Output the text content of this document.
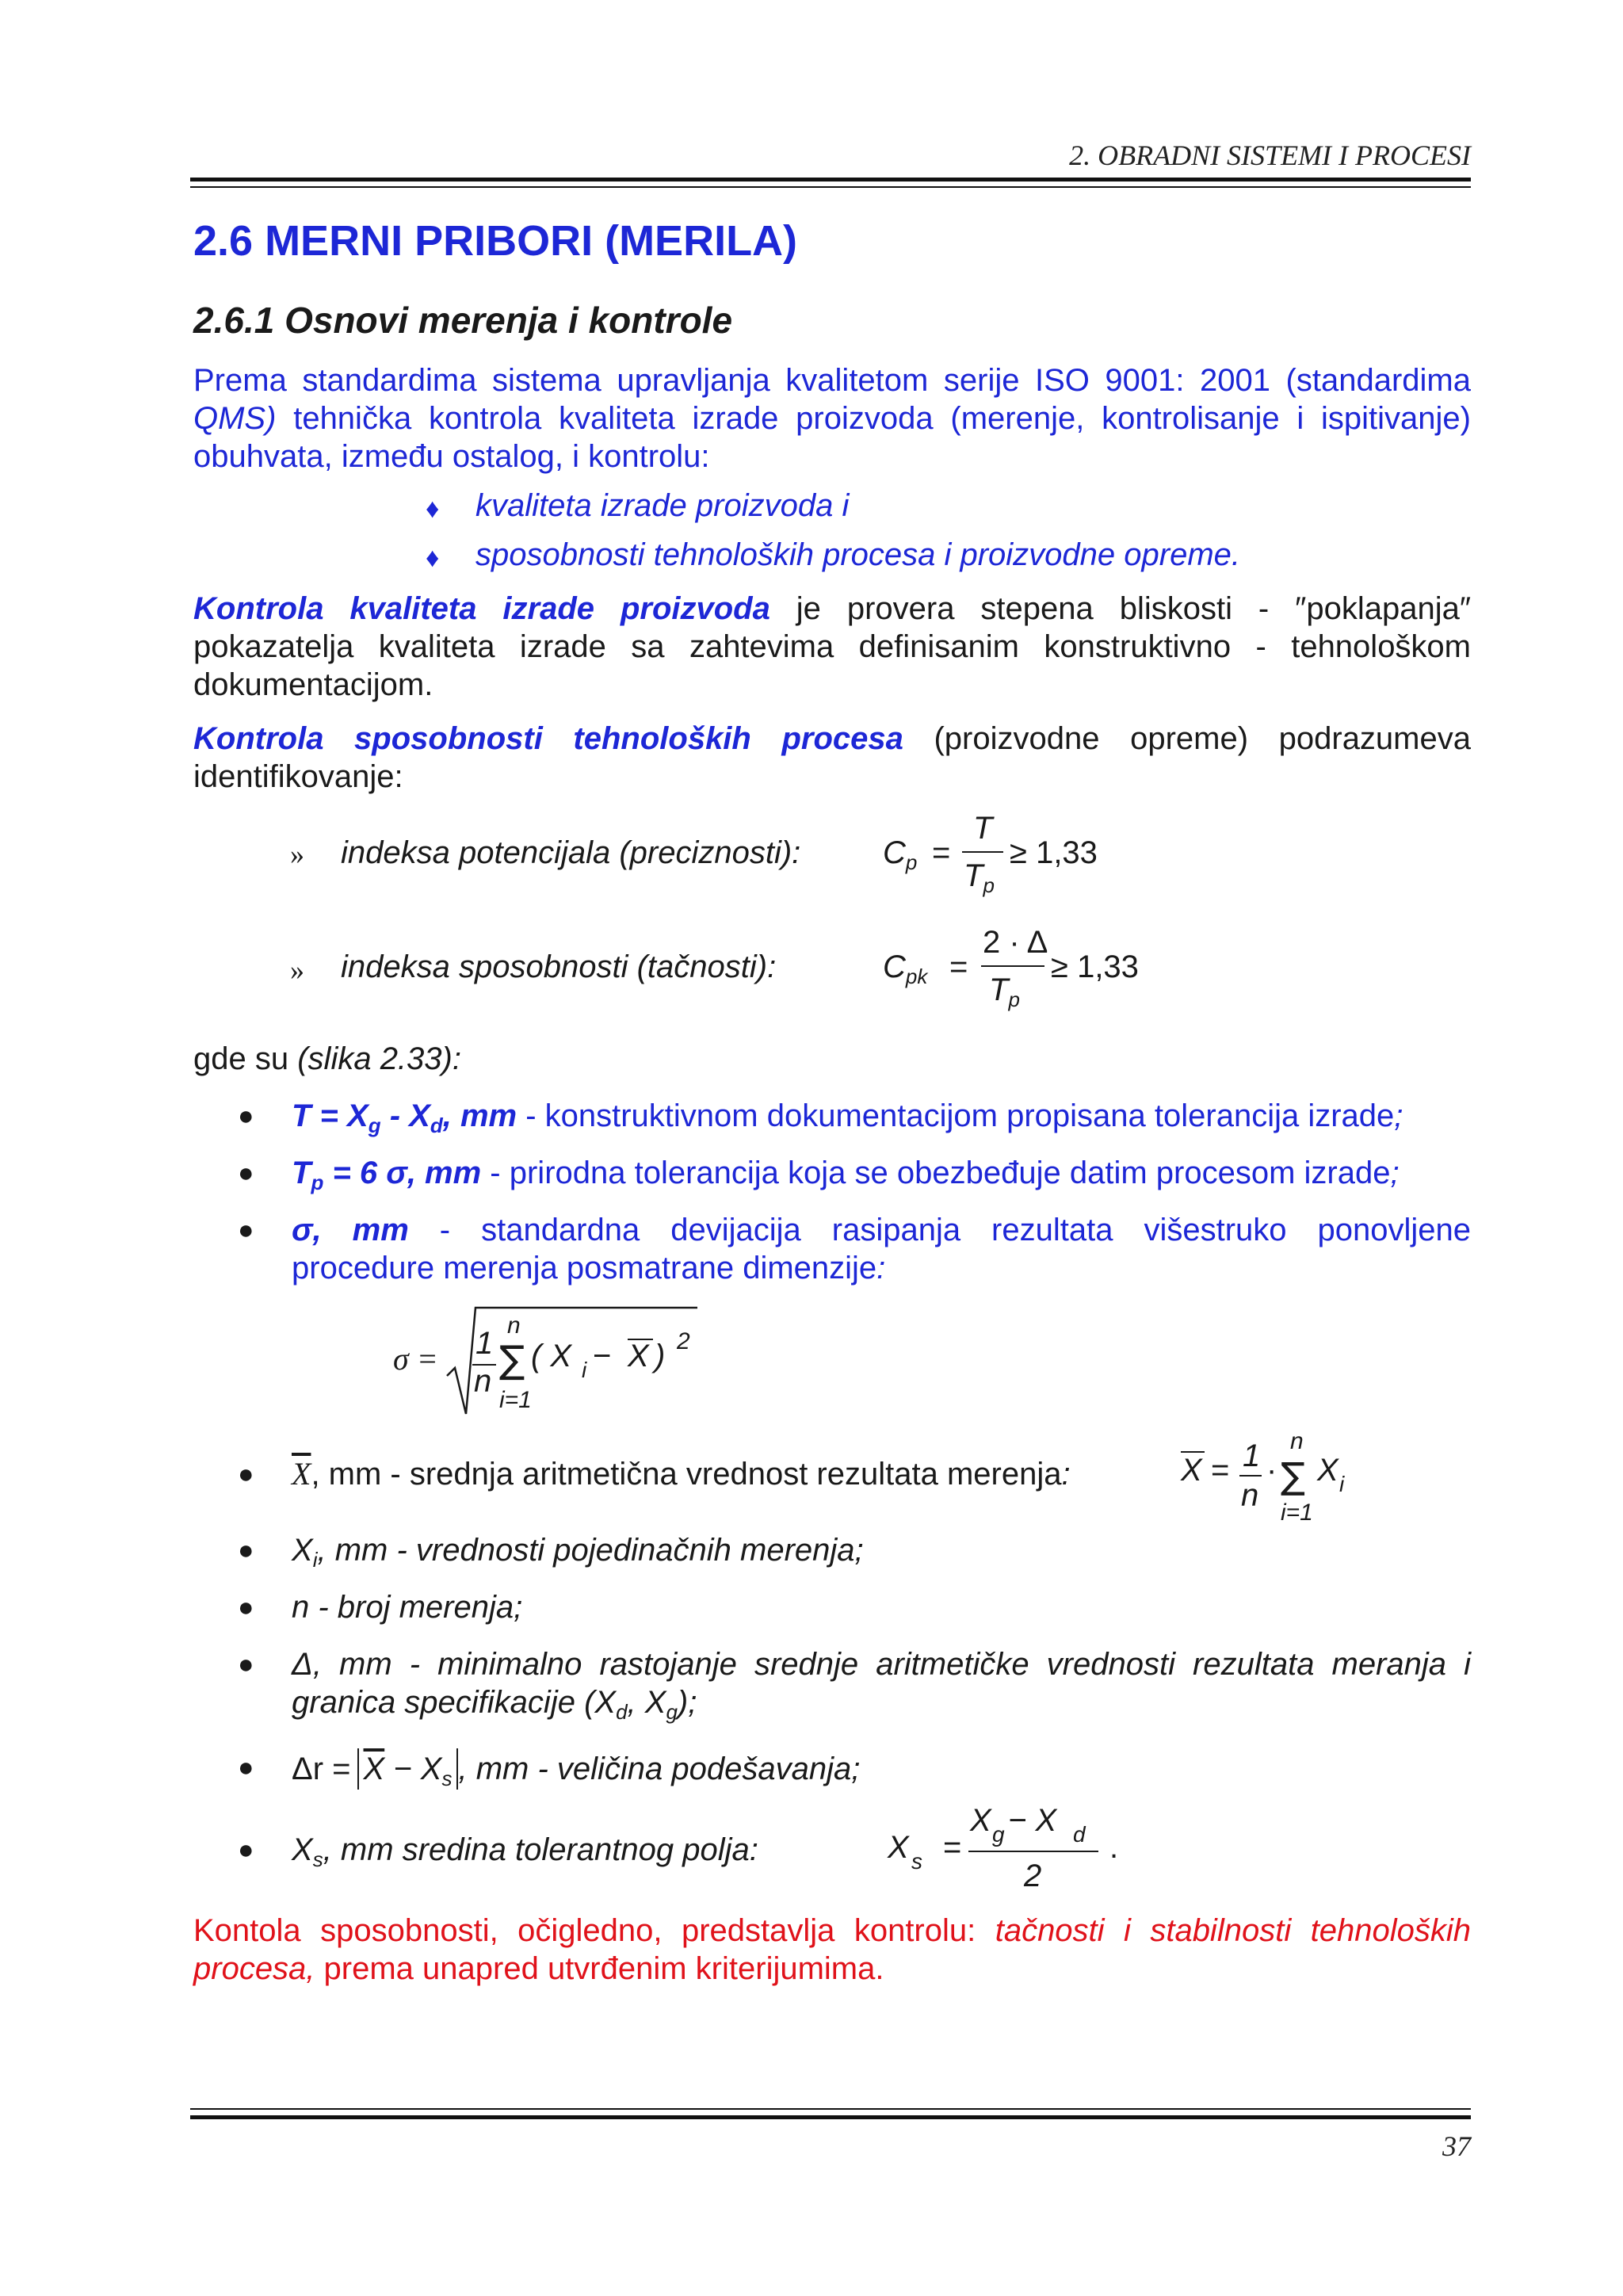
2. OBRADNI SISTEMI I PROCESI
2.6 MERNI PRIBORI (MERILA)
2.6.1 Osnovi merenja i kontrole
Prema standardima sistema upravljanja kvalitetom serije ISO 9001: 2001 (standardima
QMS) tehnička kontrola kvaliteta izrade proizvoda (merenje, kontrolisanje i ispitivanje)
obuhvata, između ostalog, i kontrolu:
♦ kvaliteta izrade proizvoda i
♦ sposobnosti tehnoloških procesa i proizvodne opreme.
Kontrola kvaliteta izrade proizvoda je provera stepena bliskosti - ″poklapanja″
pokazatelja kvaliteta izrade sa zahtevima definisanim konstruktivno - tehnološkom
dokumentacijom.
Kontrola sposobnosti tehnoloških procesa (proizvodne opreme) podrazumeva
identifikovanje:
» indeksa potencijala (preciznosti):	$C_p$ =
T
$T_p$
≥ 1,33
» indeksa sposobnosti (tačnosti):	$C_{pk}$ =
2 · Δ
$T_p$
≥ 1,33
gde su (slika 2.33):
● $T = X_g - X_d$, mm - konstruktivnom dokumentacijom propisana tolerancija izrade;
● $T_p = 6$ σ, mm - prirodna tolerancija koja se obezbeđuje datim procesom izrade;
● σ, mm - standardna devijacija rasipanja rezultata višestruko ponovljene
procedure merenja posmatrane dimenzije:
σ = 1
n
n
∑
i=1
( X i − X ) 2
● $\overline{X}$, mm - srednja aritmetična vrednost rezultata merenja:	X = 1
n
·
n
∑
i=1
X i
● $X_i$, mm - vrednosti pojedinačnih merenja;
● n - broj merenja;
● Δ, mm - minimalno rastojanje srednje aritmetičke vrednosti rezultata meranja i
granica specifikacije ($X_d$, $X_g$);
● $\Delta r = \overline{X} - X_s$ , mm - veličina podešavanja;
● $X_s$, mm sredina tolerantnog polja:	X s =
X g − X d
2
.
Kontola sposobnosti, očigledno, predstavlja kontrolu: tačnosti i stabilnosti tehnoloških
procesa, prema unapred utvrđenim kriterijumima.
37
